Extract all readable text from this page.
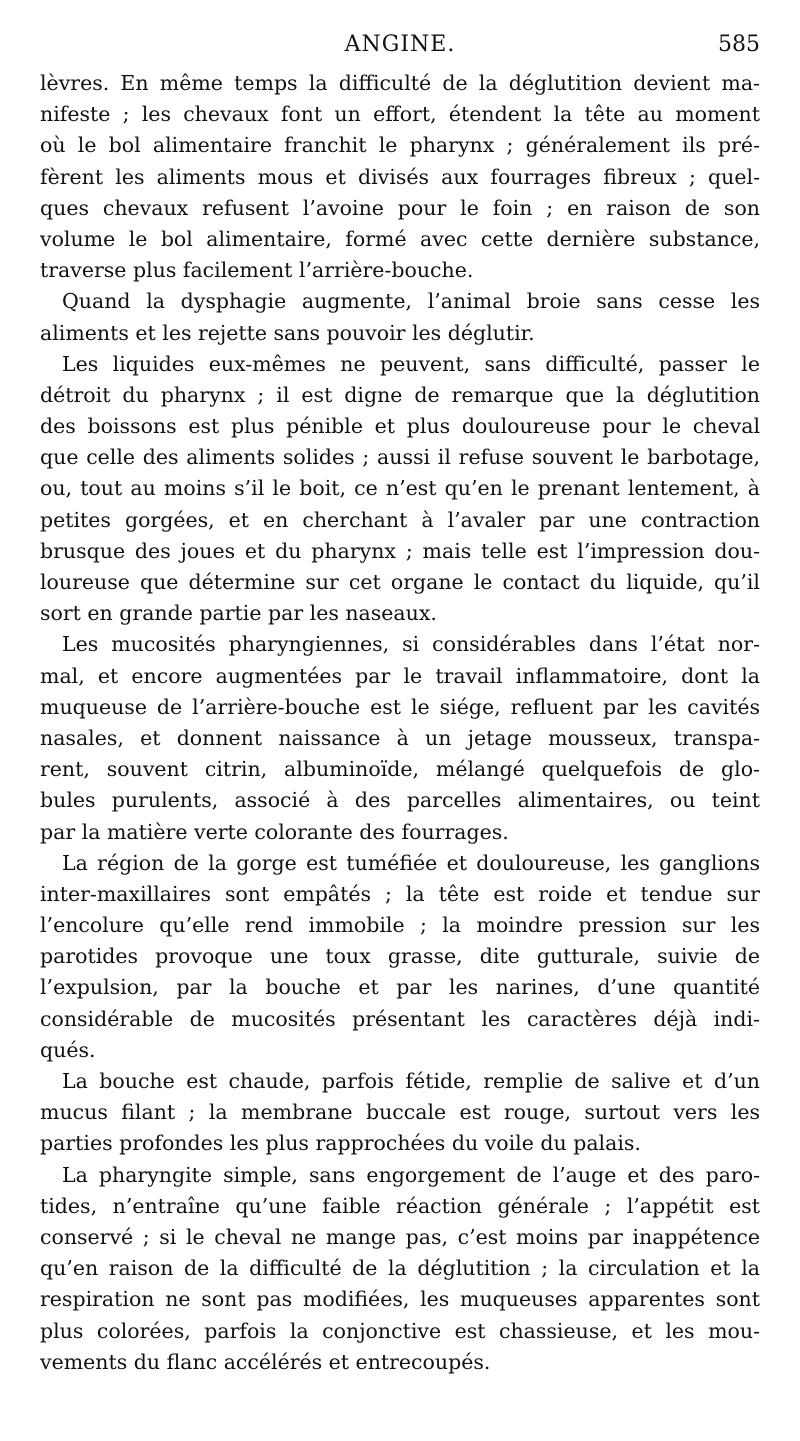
ANGINE.	585
lèvres. En même temps la difficulté de la déglutition devient ma-
nifeste ; les chevaux font un effort, étendent la tête au moment
où le bol alimentaire franchit le pharynx ; généralement ils pré-
fèrent les aliments mous et divisés aux fourrages fibreux ; quel-
ques chevaux refusent l’avoine pour le foin ; en raison de son
volume le bol alimentaire, formé avec cette dernière substance,
traverse plus facilement l’arrière-bouche.
Quand la dysphagie augmente, l’animal broie sans cesse les
aliments et les rejette sans pouvoir les déglutir.
Les liquides eux-mêmes ne peuvent, sans difficulté, passer le
détroit du pharynx ; il est digne de remarque que la déglutition
des boissons est plus pénible et plus douloureuse pour le cheval
que celle des aliments solides ; aussi il refuse souvent le barbotage,
ou, tout au moins s’il le boit, ce n’est qu’en le prenant lentement, à
petites gorgées, et en cherchant à l’avaler par une contraction
brusque des joues et du pharynx ; mais telle est l’impression dou-
loureuse que détermine sur cet organe le contact du liquide, qu’il
sort en grande partie par les naseaux.
Les mucosités pharyngiennes, si considérables dans l’état nor-
mal, et encore augmentées par le travail inflammatoire, dont la
muqueuse de l’arrière-bouche est le siége, refluent par les cavités
nasales, et donnent naissance à un jetage mousseux, transpa-
rent, souvent citrin, albuminoïde, mélangé quelquefois de glo-
bules purulents, associé à des parcelles alimentaires, ou teint
par la matière verte colorante des fourrages.
La région de la gorge est tuméfiée et douloureuse, les ganglions
inter-maxillaires sont empâtés ; la tête est roide et tendue sur
l’encolure qu’elle rend immobile ; la moindre pression sur les
parotides provoque une toux grasse, dite gutturale, suivie de
l’expulsion, par la bouche et par les narines, d’une quantité
considérable de mucosités présentant les caractères déjà indi-
qués.
La bouche est chaude, parfois fétide, remplie de salive et d’un
mucus filant ; la membrane buccale est rouge, surtout vers les
parties profondes les plus rapprochées du voile du palais.
La pharyngite simple, sans engorgement de l’auge et des paro-
tides, n’entraîne qu’une faible réaction générale ; l’appétit est
conservé ; si le cheval ne mange pas, c’est moins par inappétence
qu’en raison de la difficulté de la déglutition ; la circulation et la
respiration ne sont pas modifiées, les muqueuses apparentes sont
plus colorées, parfois la conjonctive est chassieuse, et les mou-
vements du flanc accélérés et entrecoupés.
